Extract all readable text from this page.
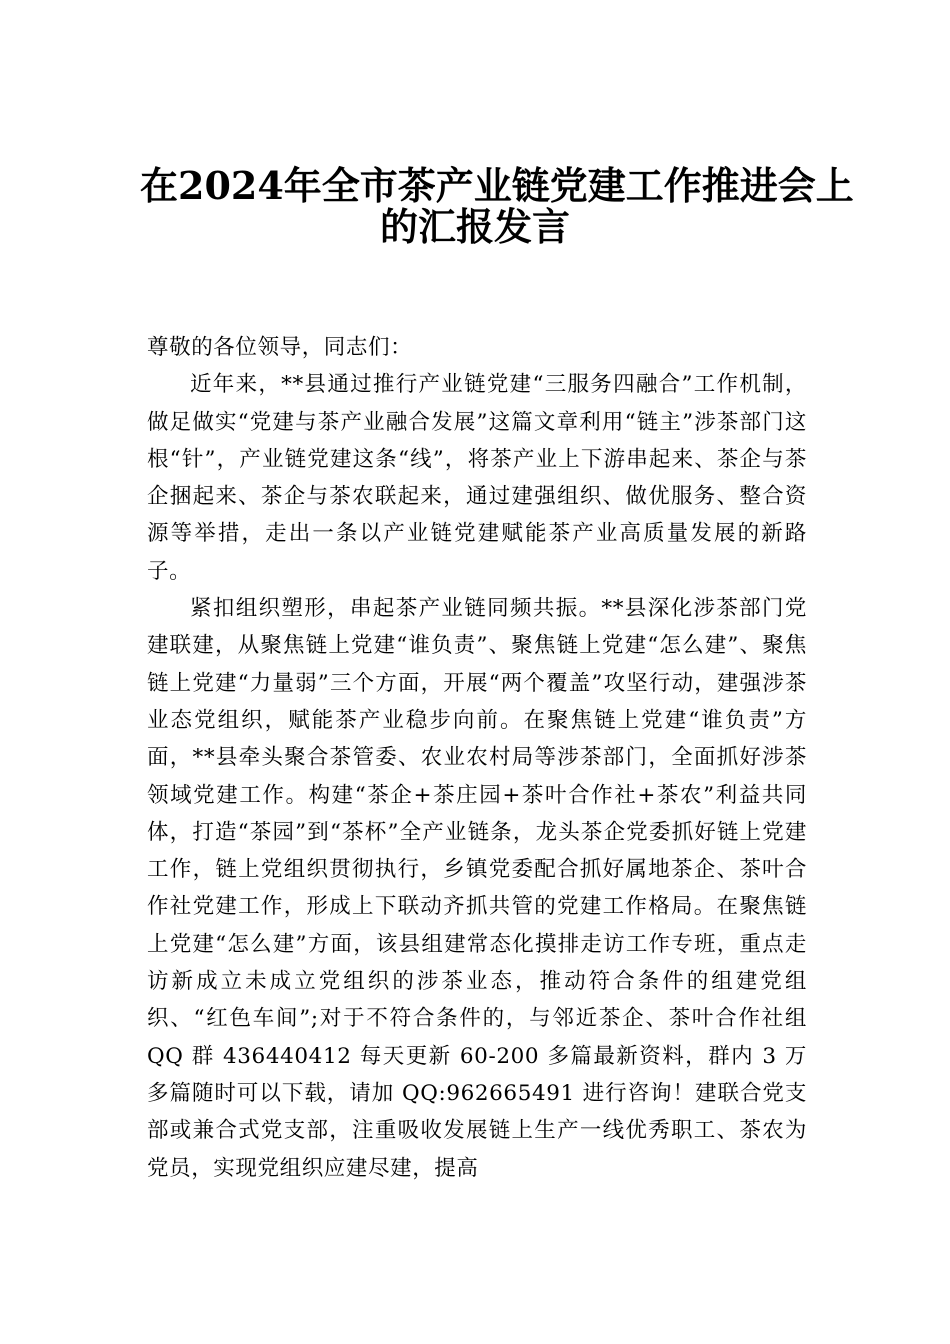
在2024年全市茶产业链党建工作推进会上
的汇报发言

尊敬的各位领导，同志们：

近年来，**县通过推行产业链党建“三服务四融合”工作机制，做足做实“党建与茶产业融合发展”这篇文章利用“链主”涉茶部门这根“针”，产业链党建这条“线”，将茶产业上下游串起来、茶企与茶企捆起来、茶企与茶农联起来，通过建强组织、做优服务、整合资源等举措，走出一条以产业链党建赋能茶产业高质量发展的新路子。

紧扣组织塑形，串起茶产业链同频共振。**县深化涉茶部门党建联建，从聚焦链上党建“谁负责”、聚焦链上党建“怎么建”、聚焦链上党建“力量弱”三个方面，开展“两个覆盖”攻坚行动，建强涉茶业态党组织，赋能茶产业稳步向前。在聚焦链上党建“谁负责”方面，**县牵头聚合茶管委、农业农村局等涉茶部门，全面抓好涉茶领域党建工作。构建“茶企+茶庄园+茶叶合作社+茶农”利益共同体，打造“茶园”到“茶杯”全产业链条，龙头茶企党委抓好链上党建工作，链上党组织贯彻执行，乡镇党委配合抓好属地茶企、茶叶合作社党建工作，形成上下联动齐抓共管的党建工作格局。在聚焦链上党建“怎么建”方面，该县组建常态化摸排走访工作专班，重点走访新成立未成立党组织的涉茶业态，推动符合条件的组建党组织、“红色车间”;对于不符合条件的，与邻近茶企、茶叶合作社组 QQ 群 436440412 每天更新 60-200 多篇最新资料，群内 3 万多篇随时可以下载，请加 QQ:962665491 进行咨询！建联合党支部或兼合式党支部，注重吸收发展链上生产一线优秀职工、茶农为党员，实现党组织应建尽建，提高
